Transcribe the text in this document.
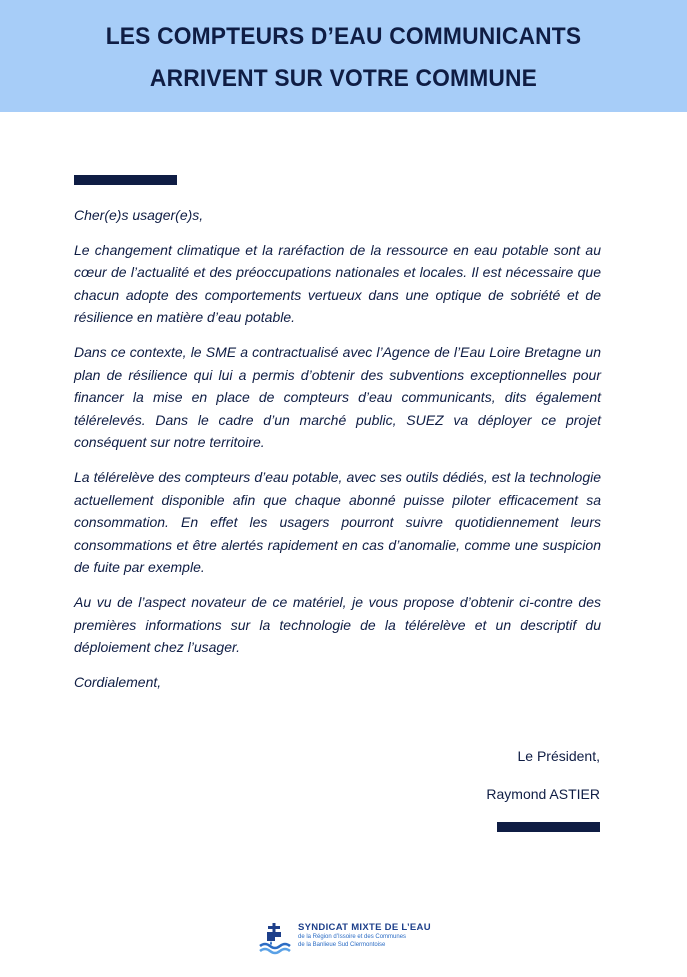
LES COMPTEURS D’EAU COMMUNICANTS
ARRIVENT SUR VOTRE COMMUNE

Cher(e)s usager(e)s,

Le changement climatique et la raréfaction de la ressource en eau potable sont au cœur de l’actualité et des préoccupations nationales et locales. Il est nécessaire que chacun adopte des comportements vertueux dans une optique de sobriété et de résilience en matière d’eau potable.

Dans ce contexte, le SME a contractualisé avec l’Agence de l’Eau Loire Bretagne un plan de résilience qui lui a permis d’obtenir des subventions exceptionnelles pour financer la mise en place de compteurs d’eau communicants, dits également télérelevés. Dans le cadre d’un marché public, SUEZ va déployer ce projet conséquent sur notre territoire.

La télérelève des compteurs d’eau potable, avec ses outils dédiés, est la technologie actuellement disponible afin que chaque abonné puisse piloter efficacement sa consommation. En effet les usagers pourront suivre quotidiennement leurs consommations et être alertés rapidement en cas d’anomalie, comme une suspicion de fuite par exemple.

Au vu de l’aspect novateur de ce matériel, je vous propose d’obtenir ci-contre des premières informations sur la technologie de la télérelève et un descriptif du déploiement chez l’usager.

Cordialement,

Le Président,
Raymond ASTIER
SYNDICAT MIXTE DE L’EAU
de la Région d’Issoire et des Communes
de la Banlieue Sud Clermontoise
